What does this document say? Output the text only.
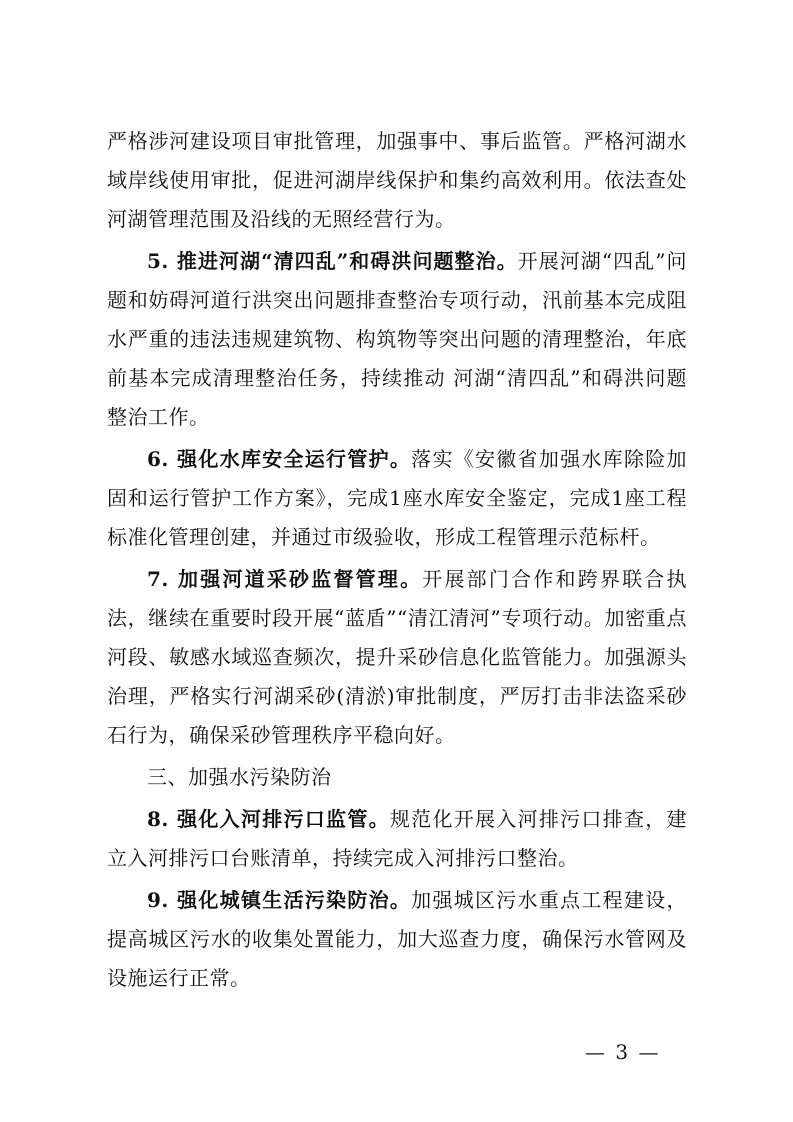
严格涉河建设项目审批管理，加强事中、事后监管。严格河湖水域岸线使用审批，促进河湖岸线保护和集约高效利用。依法查处河湖管理范围及沿线的无照经营行为。

5. 推进河湖“清四乱”和碍洪问题整治。开展河湖“四乱”问题和妨碍河道行洪突出问题排查整治专项行动，汛前基本完成阻水严重的违法违规建筑物、构筑物等突出问题的清理整治，年底前基本完成清理整治任务，持续推动 河湖“清四乱”和碍洪问题整治工作。

6. 强化水库安全运行管护。落实《安徽省加强水库除险加固和运行管护工作方案》，完成1座水库安全鉴定，完成1座工程标准化管理创建，并通过市级验收，形成工程管理示范标杆。

7. 加强河道采砂监督管理。开展部门合作和跨界联合执法，继续在重要时段开展“蓝盾”“清江清河”专项行动。加密重点河段、敏感水域巡查频次，提升采砂信息化监管能力。加强源头治理，严格实行河湖采砂(清淤)审批制度，严厉打击非法盗采砂石行为，确保采砂管理秩序平稳向好。

三、加强水污染防治

8. 强化入河排污口监管。规范化开展入河排污口排查，建立入河排污口台账清单，持续完成入河排污口整治。

9. 强化城镇生活污染防治。加强城区污水重点工程建设，提高城区污水的收集处置能力，加大巡查力度，确保污水管网及设施运行正常。

— 3 —
